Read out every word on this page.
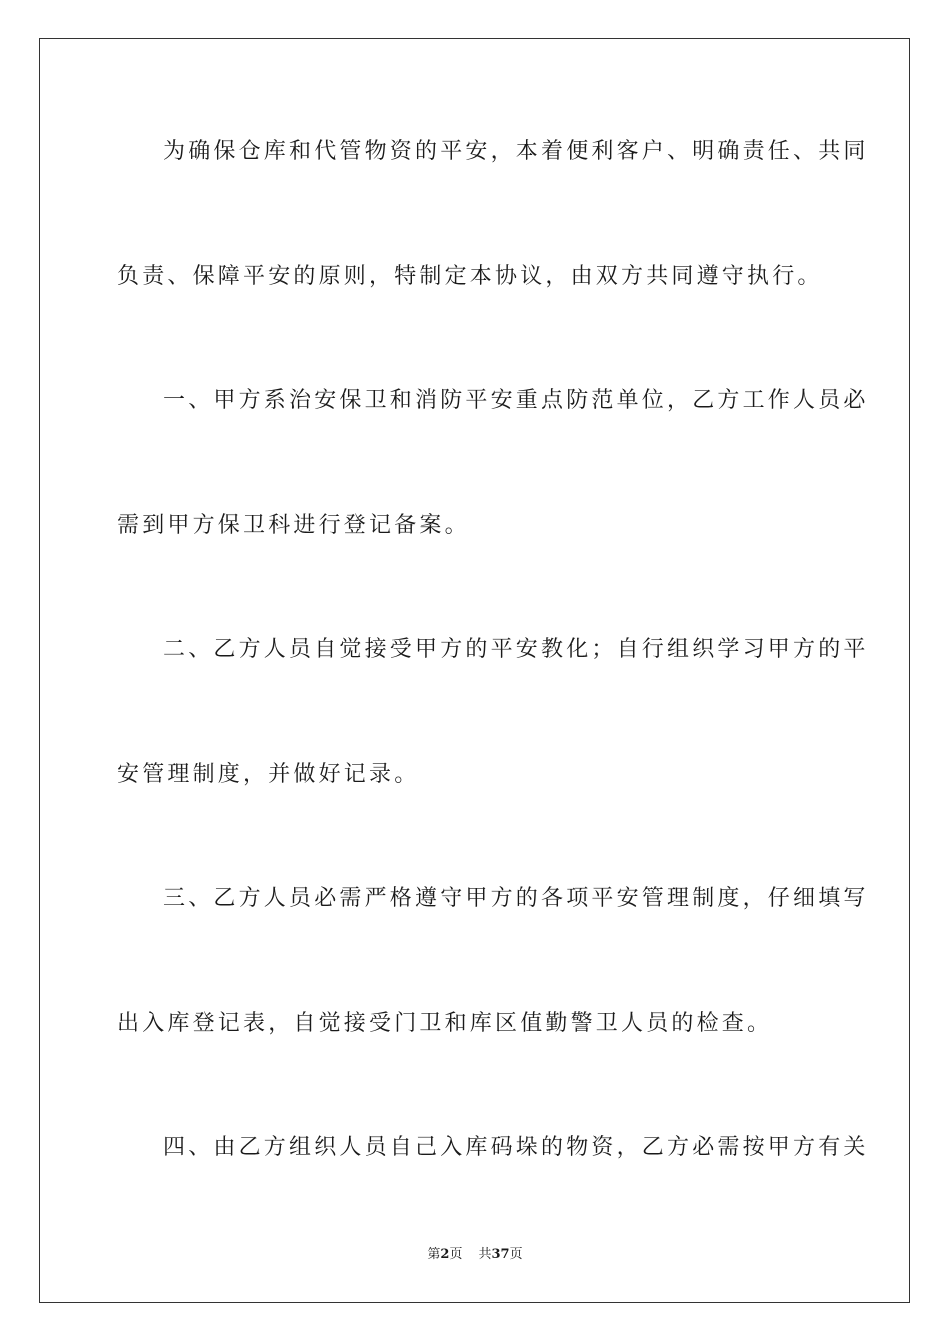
为确保仓库和代管物资的平安，本着便利客户、明确责任、共同

负责、保障平安的原则，特制定本协议，由双方共同遵守执行。

一、甲方系治安保卫和消防平安重点防范单位，乙方工作人员必

需到甲方保卫科进行登记备案。

二、乙方人员自觉接受甲方的平安教化；自行组织学习甲方的平

安管理制度，并做好记录。

三、乙方人员必需严格遵守甲方的各项平安管理制度，仔细填写

出入库登记表，自觉接受门卫和库区值勤警卫人员的检查。

四、由乙方组织人员自己入库码垛的物资，乙方必需按甲方有关

第2页 共37页
